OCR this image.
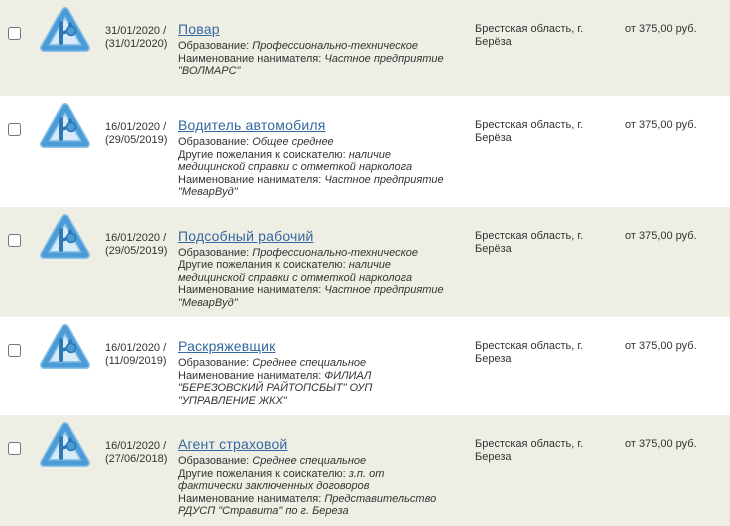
31/01/2020 /
(31/01/2020)
	Повар
Образование: Профессионально-техническое
Наименование нанимателя: Частное предприятие "ВОЛМАРС"
	Брестская область, г. Берёза	от 375,00 руб.

16/01/2020 /
(29/05/2019)
	Водитель автомобиля
Образование: Общее среднее
Другие пожелания к соискателю: наличие медицинской справки с отметкой нарколога
Наименование нанимателя: Частное предприятие "МеварВуд"
	Брестская область, г. Берёза	от 375,00 руб.

16/01/2020 /
(29/05/2019)
	Подсобный рабочий
Образование: Профессионально-техническое
Другие пожелания к соискателю: наличие медицинской справки с отметкой нарколога
Наименование нанимателя: Частное предприятие "МеварВуд"
	Брестская область, г. Берёза	от 375,00 руб.

16/01/2020 /
(11/09/2019)
	Раскряжевщик
Образование: Среднее специальное
Наименование нанимателя: ФИЛИАЛ "БЕРЕЗОВСКИЙ РАЙТОПСБЫТ" ОУП "УПРАВЛЕНИЕ ЖКХ"
	Брестская область, г. Береза	от 375,00 руб.

16/01/2020 /
(27/06/2018)
	Агент страховой
Образование: Среднее специальное
Другие пожелания к соискателю: з.п. от фактически заключенных договоров
Наименование нанимателя: Представительство РДУСП "Стравита" по г. Береза
	Брестская область, г. Береза	от 375,00 руб.
